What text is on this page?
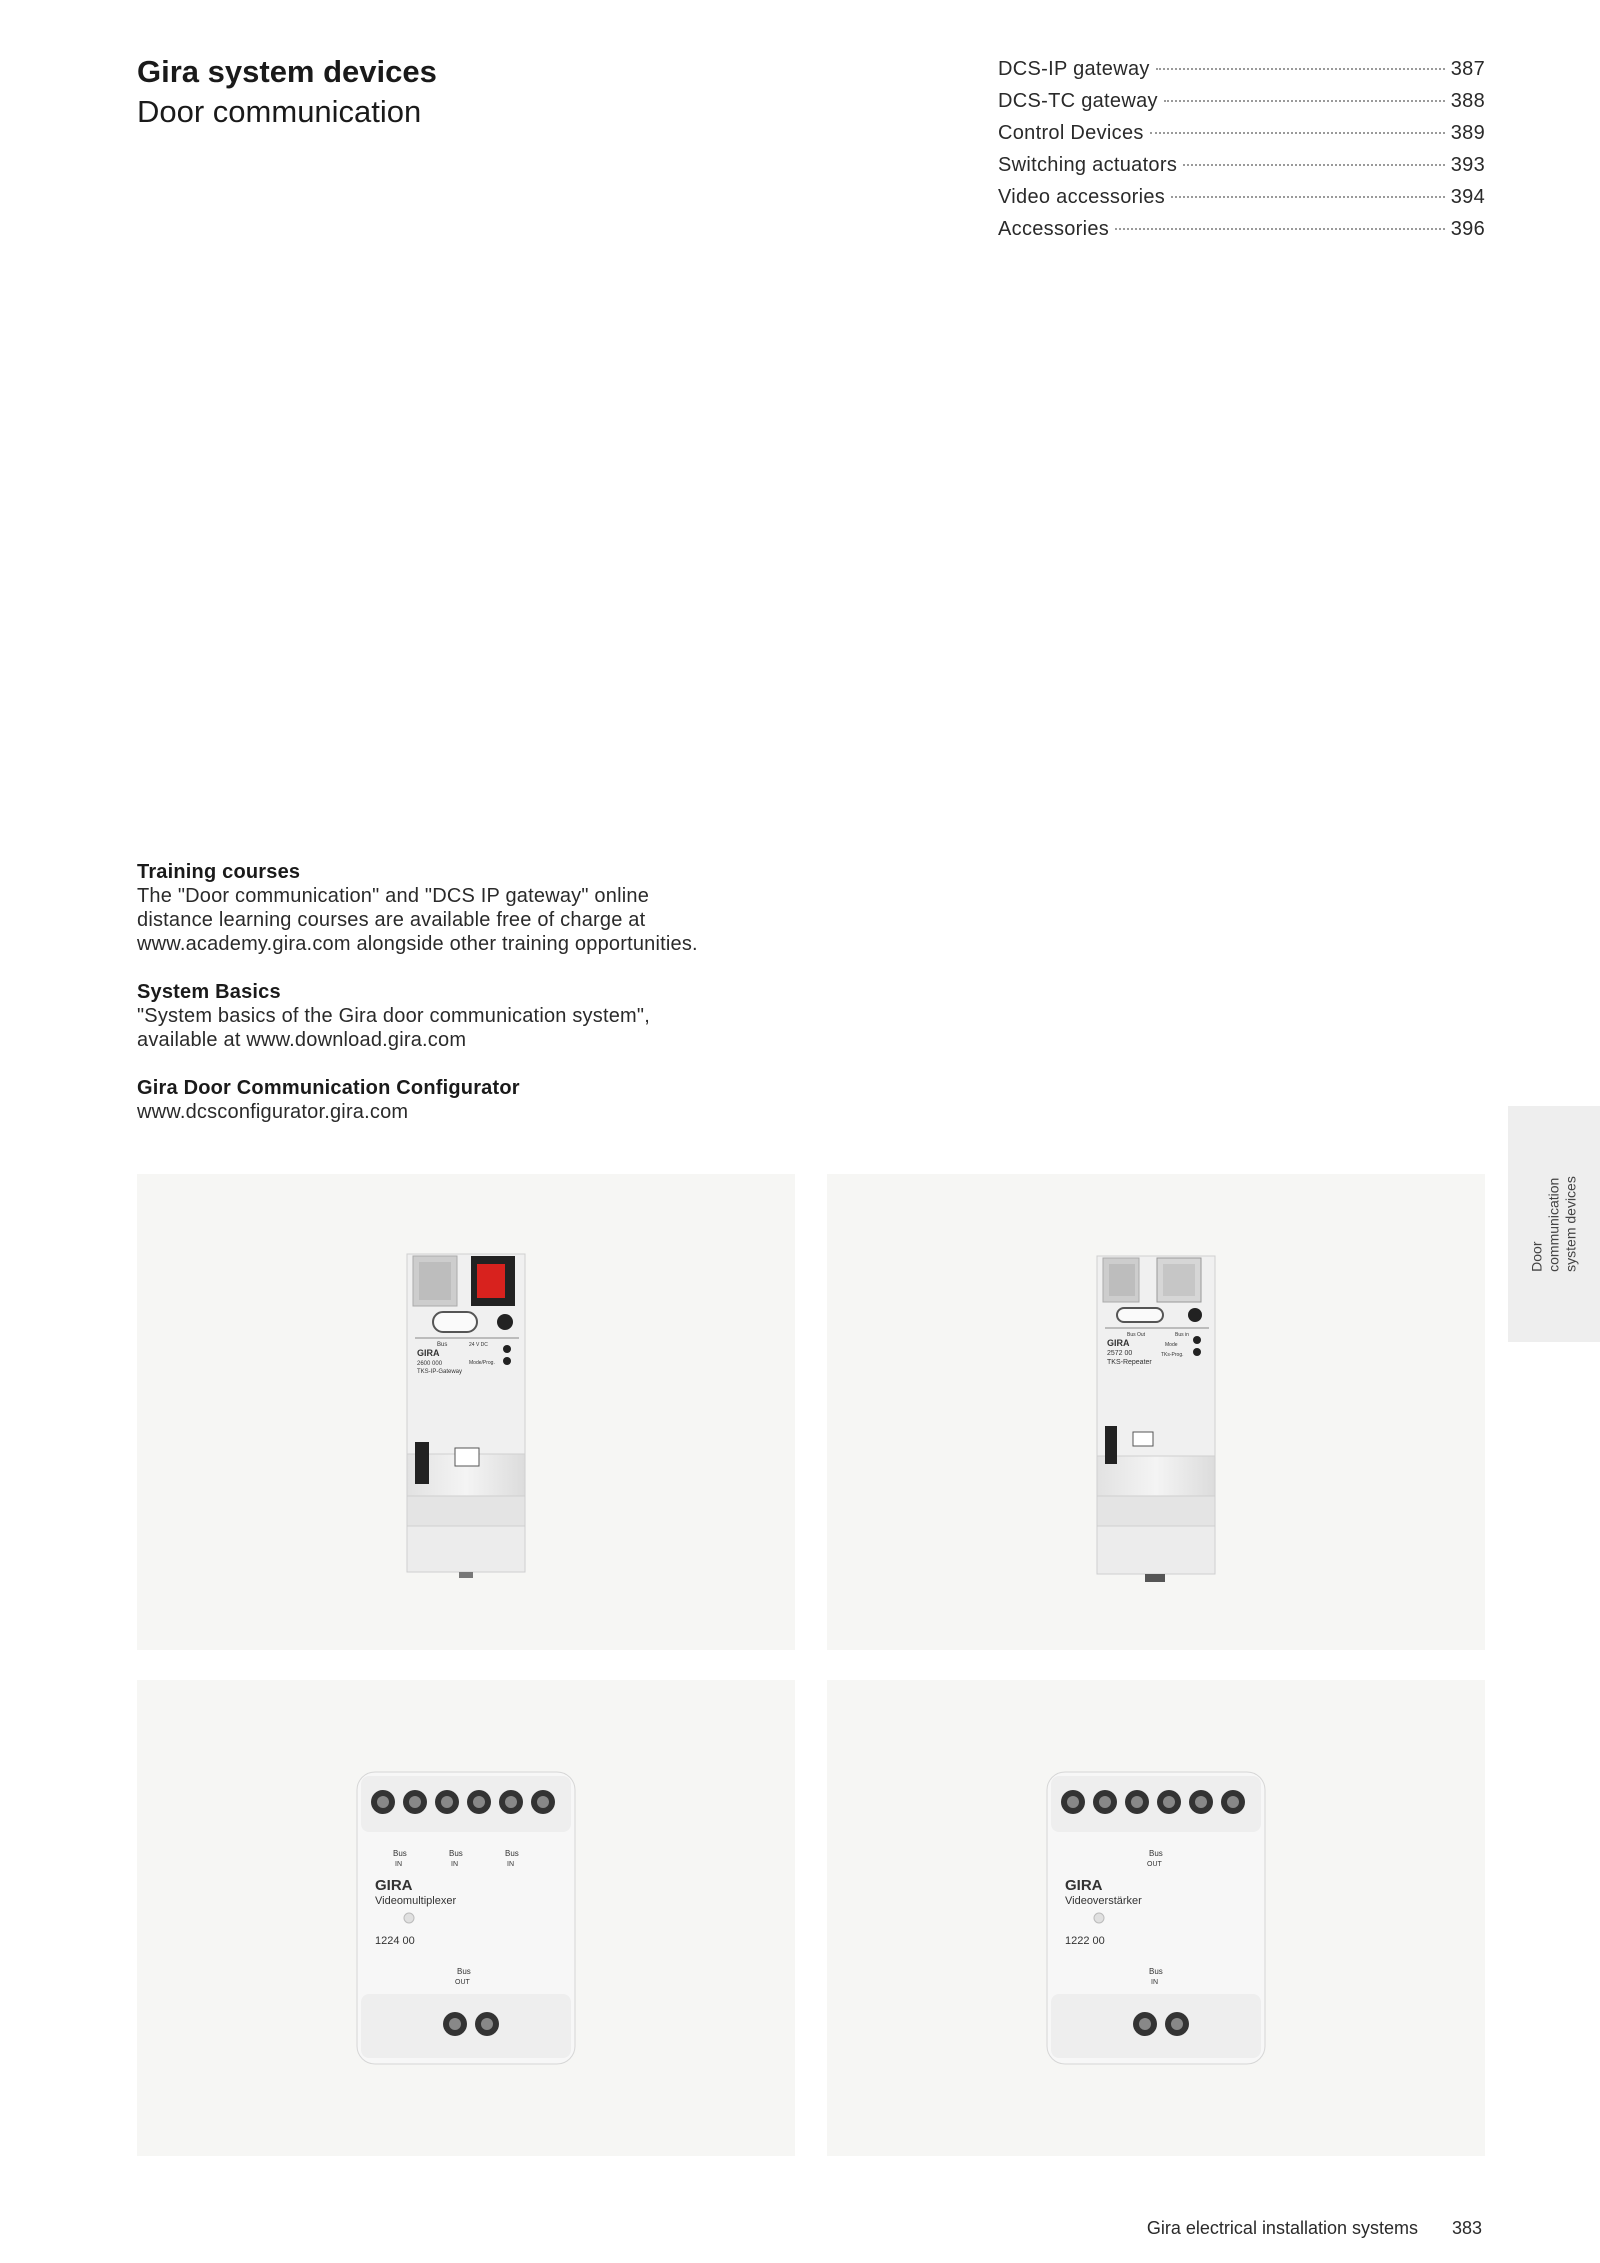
Gira system devices
Door communication
DCS-IP gateway	387
DCS-TC gateway	388
Control Devices	389
Switching actuators	393
Video accessories	394
Accessories	396
Training courses
The "Door communication" and "DCS IP gateway" online
distance learning courses are available free of charge at
www.academy.gira.com alongside other training opportunities.
System Basics
"System basics of the Gira door communication system",
available at www.download.gira.com
Gira Door Communication Configurator
www.dcsconfigurator.gira.com
Door communication system devices
Bus	24 V DC
GIRA
Mode/Prog.
2600 000
TKS-IP-Gateway
Bus Out	Bus in
GIRA	Mode
2572 00	TKs-Prog.
TKS-Repeater
Bus
IN
Bus
IN
Bus
IN
GIRA
Videomultiplexer
1224 00
Bus
OUT
Bus
OUT
GIRA
Videoverstärker
1222 00
Bus
IN
Gira electrical installation systems 383
